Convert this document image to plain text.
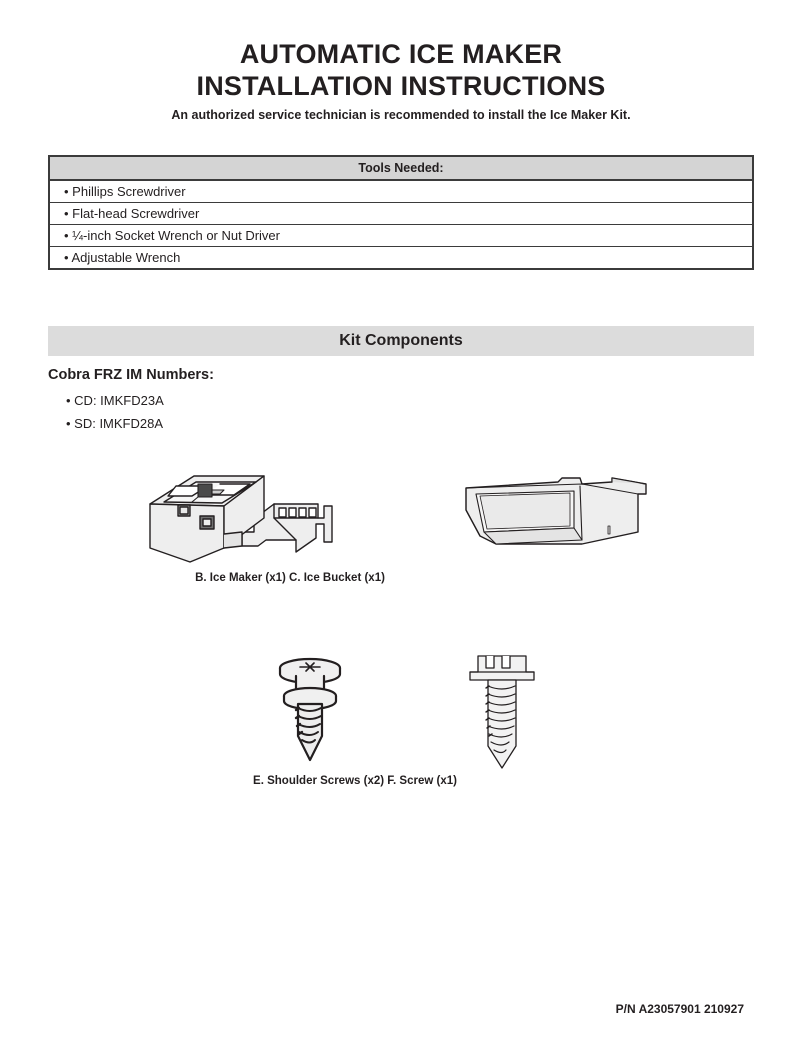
AUTOMATIC ICE MAKER
INSTALLATION INSTRUCTIONS
An authorized service technician is recommended to install the Ice Maker Kit.
Tools Needed:
• Phillips Screwdriver
• Flat-head Screwdriver
• ¼-inch Socket Wrench or Nut Driver
• Adjustable Wrench
Kit Components
Cobra FRZ IM Numbers:
• CD: IMKFD23A
• SD: IMKFD28A
B. Ice Maker (x1) C. Ice Bucket (x1)
E. Shoulder Screws (x2) F. Screw (x1)
P/N A23057901 210927
